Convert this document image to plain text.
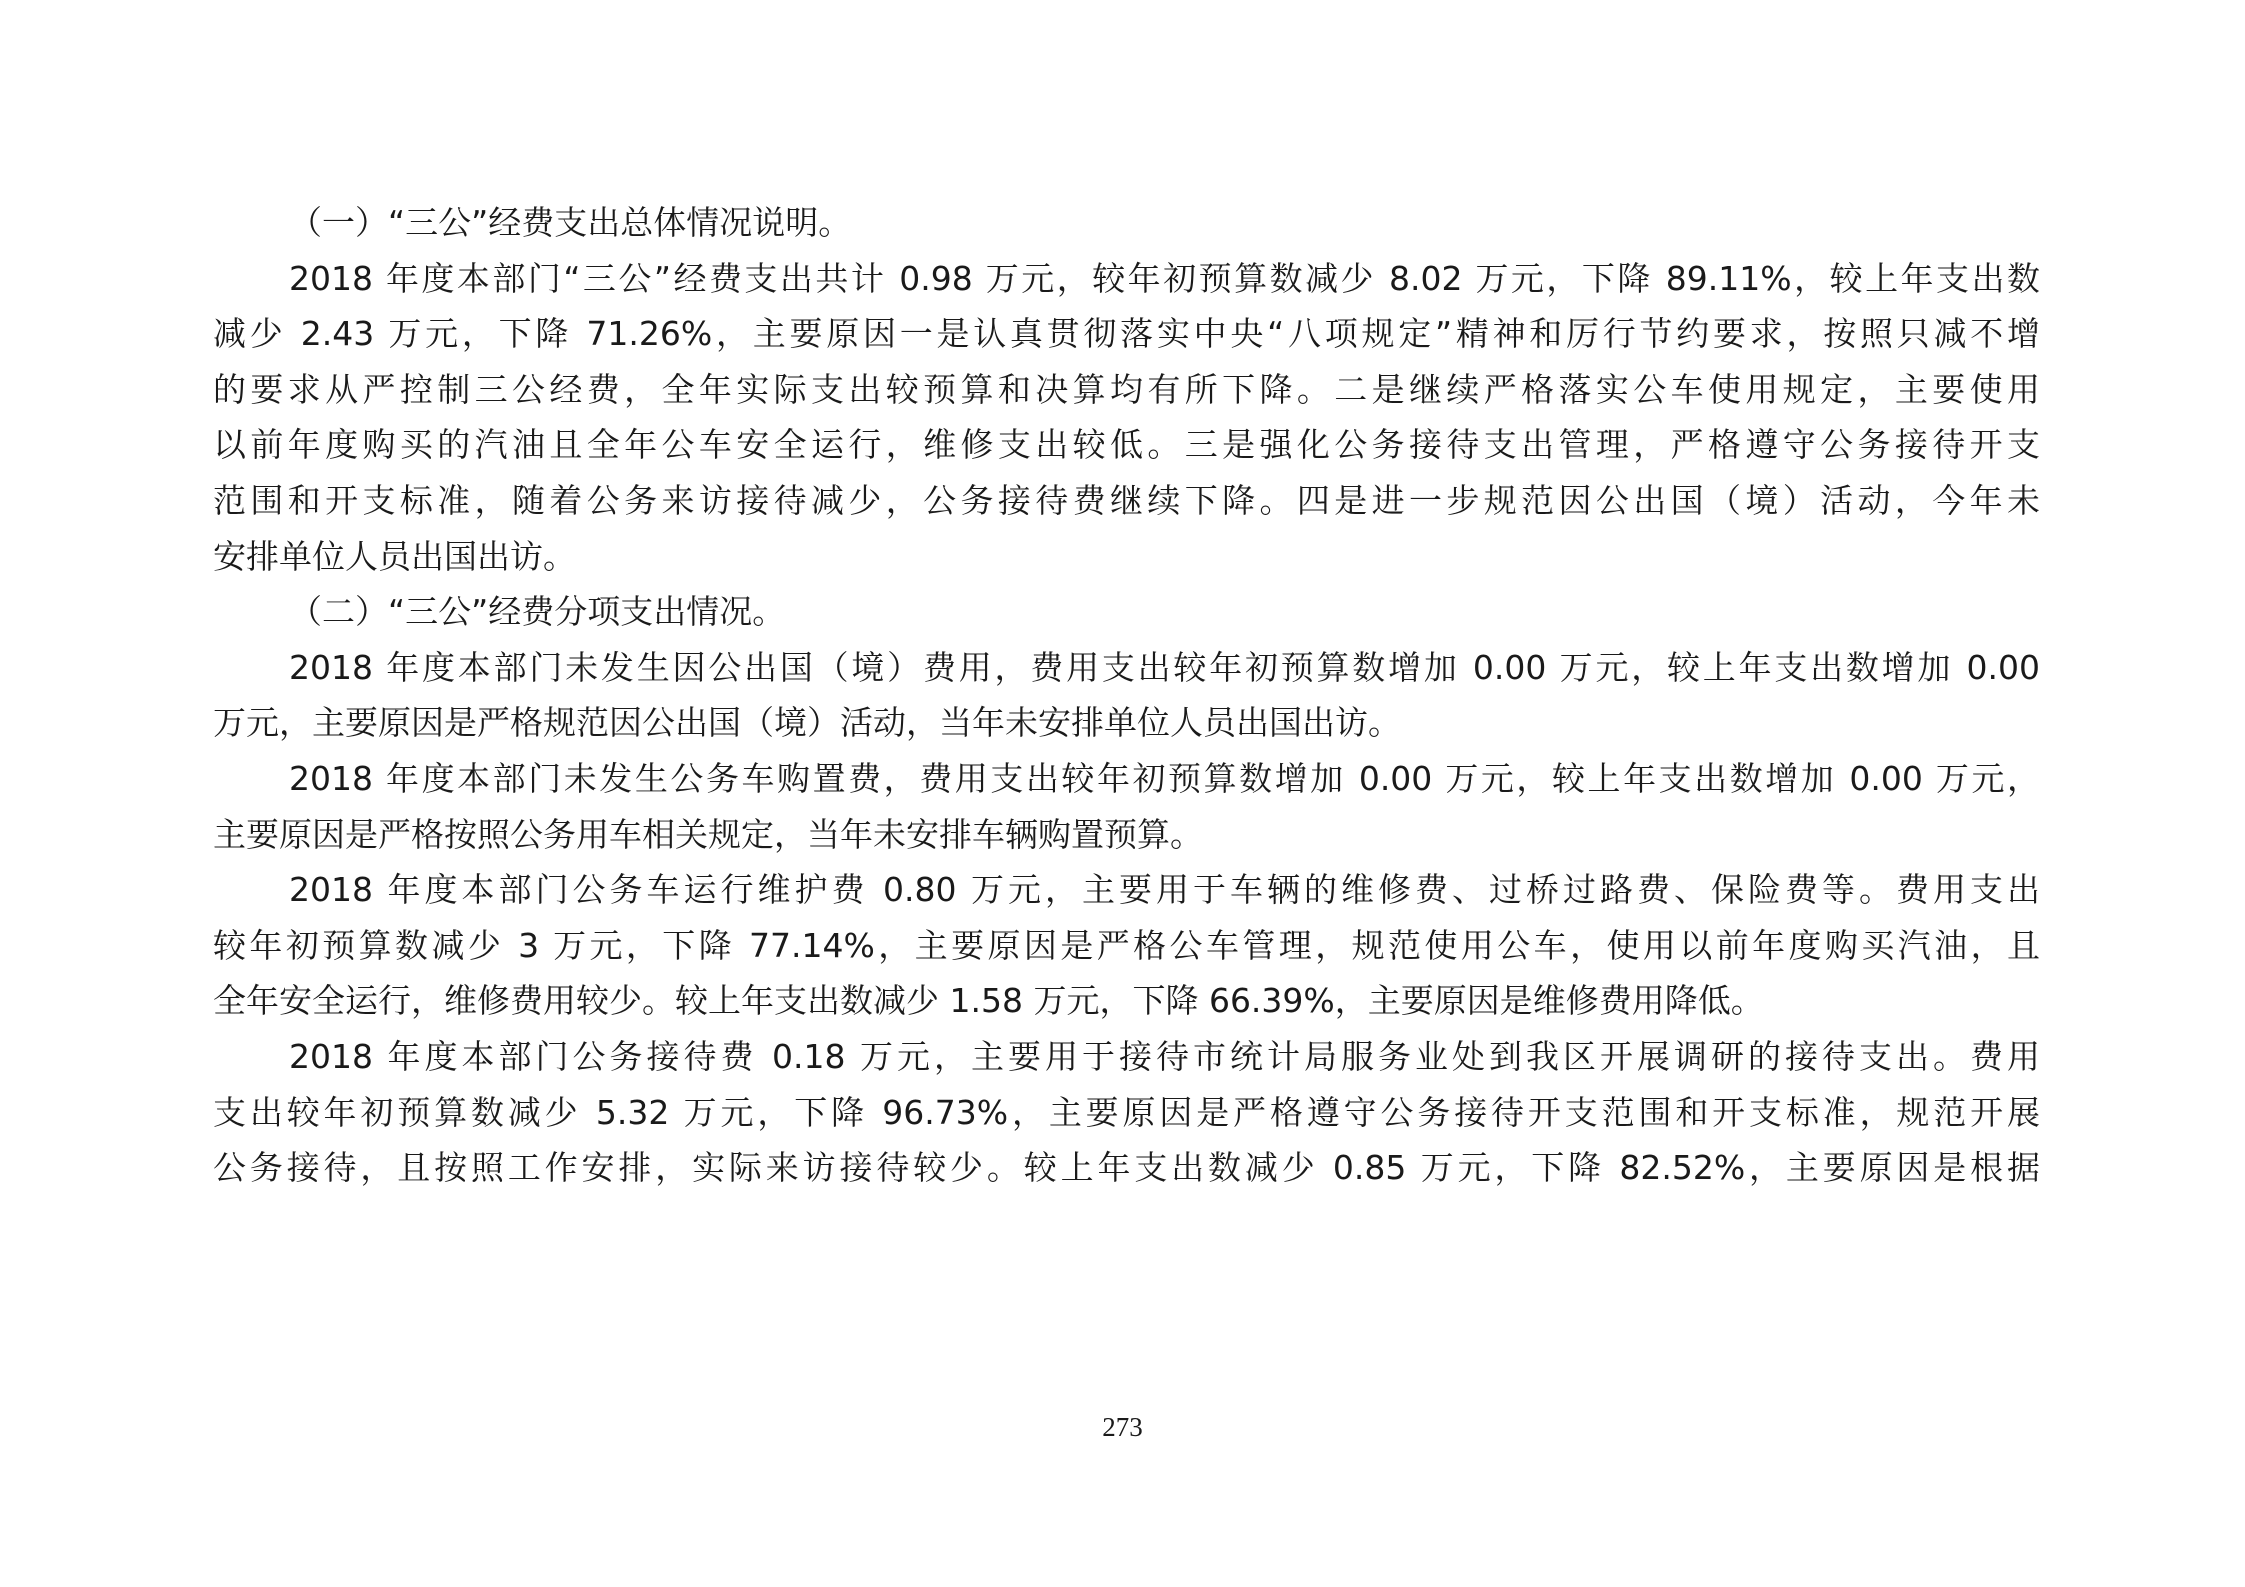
（一）“三公”经费支出总体情况说明。
2018 年度本部门“三公”经费支出共计 0.98 万元，较年初预算数减少 8.02 万元，下降 89.11%，较上年支出数
减少 2.43 万元，下降 71.26%，主要原因一是认真贯彻落实中央“八项规定”精神和厉行节约要求，按照只减不增
的要求从严控制三公经费，全年实际支出较预算和决算均有所下降。二是继续严格落实公车使用规定，主要使用
以前年度购买的汽油且全年公车安全运行，维修支出较低。三是强化公务接待支出管理，严格遵守公务接待开支
范围和开支标准，随着公务来访接待减少，公务接待费继续下降。四是进一步规范因公出国（境）活动，今年未
安排单位人员出国出访。
（二）“三公”经费分项支出情况。
2018 年度本部门未发生因公出国（境）费用，费用支出较年初预算数增加 0.00 万元，较上年支出数增加 0.00
万元，主要原因是严格规范因公出国（境）活动，当年未安排单位人员出国出访。
2018 年度本部门未发生公务车购置费，费用支出较年初预算数增加 0.00 万元，较上年支出数增加 0.00 万元，
主要原因是严格按照公务用车相关规定，当年未安排车辆购置预算。
2018 年度本部门公务车运行维护费 0.80 万元，主要用于车辆的维修费、过桥过路费、保险费等。费用支出
较年初预算数减少 3 万元，下降 77.14%，主要原因是严格公车管理，规范使用公车，使用以前年度购买汽油，且
全年安全运行，维修费用较少。较上年支出数减少 1.58 万元，下降 66.39%，主要原因是维修费用降低。
2018 年度本部门公务接待费 0.18 万元，主要用于接待市统计局服务业处到我区开展调研的接待支出。费用
支出较年初预算数减少 5.32 万元，下降 96.73%，主要原因是严格遵守公务接待开支范围和开支标准，规范开展
公务接待，且按照工作安排，实际来访接待较少。较上年支出数减少 0.85 万元，下降 82.52%，主要原因是根据
273
